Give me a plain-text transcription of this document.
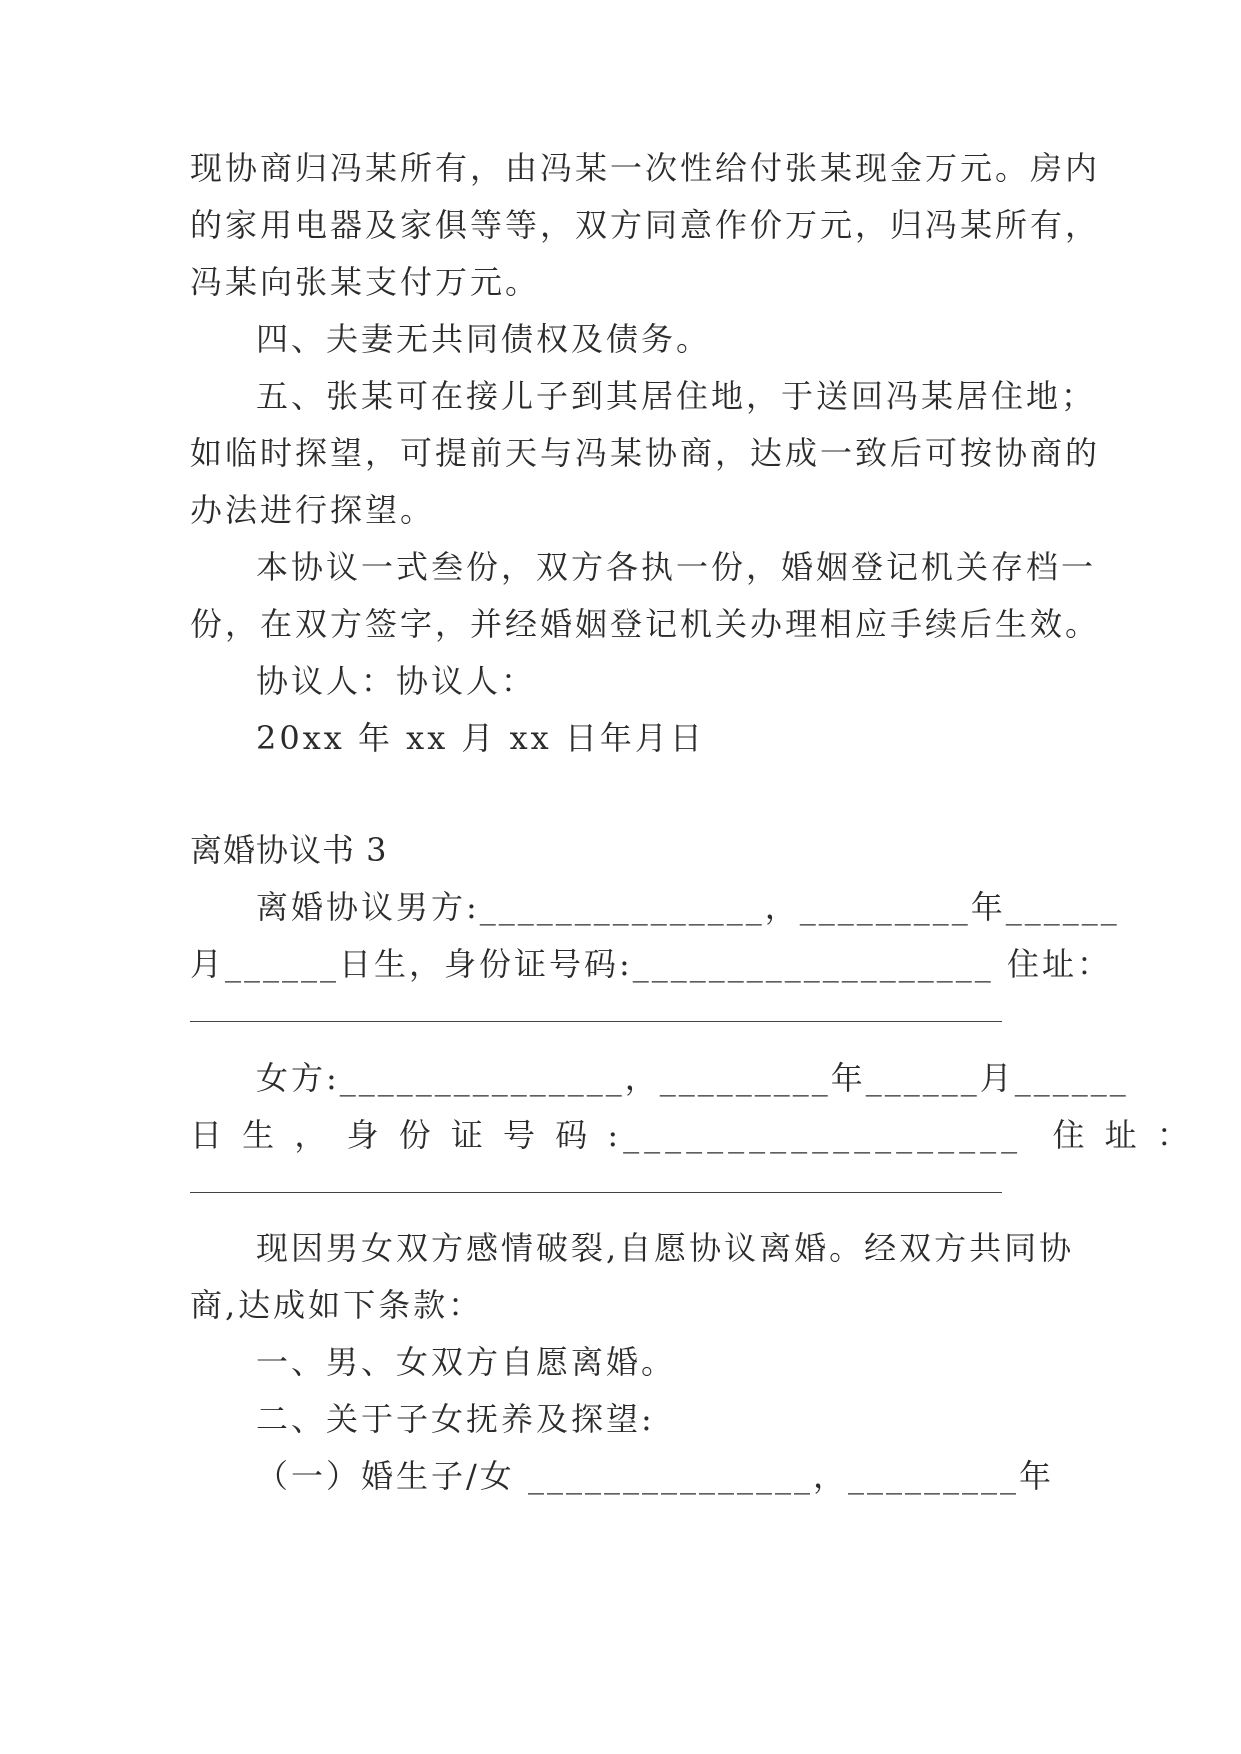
现协商归冯某所有，由冯某一次性给付张某现金万元。房内
的家用电器及家俱等等，双方同意作价万元，归冯某所有，
冯某向张某支付万元。
四、夫妻无共同债权及债务。
五、张某可在接儿子到其居住地，于送回冯某居住地；
如临时探望，可提前天与冯某协商，达成一致后可按协商的
办法进行探望。
本协议一式叁份，双方各执一份，婚姻登记机关存档一
份，在双方签字，并经婚姻登记机关办理相应手续后生效。
协议人：协议人：
20xx 年 xx 月 xx 日年月日
离婚协议书 3
离婚协议男方:_______________，_________年______
月______日生，身份证号码:___________________ 住址：
女方:_______________，_________年______月______
日 生 ， 身 份 证 号 码 :___________________  住 址 ：
现因男女双方感情破裂,自愿协议离婚。经双方共同协
商,达成如下条款：
一、男、女双方自愿离婚。
二、关于子女抚养及探望:
（一）婚生子/女 _______________，_________年
